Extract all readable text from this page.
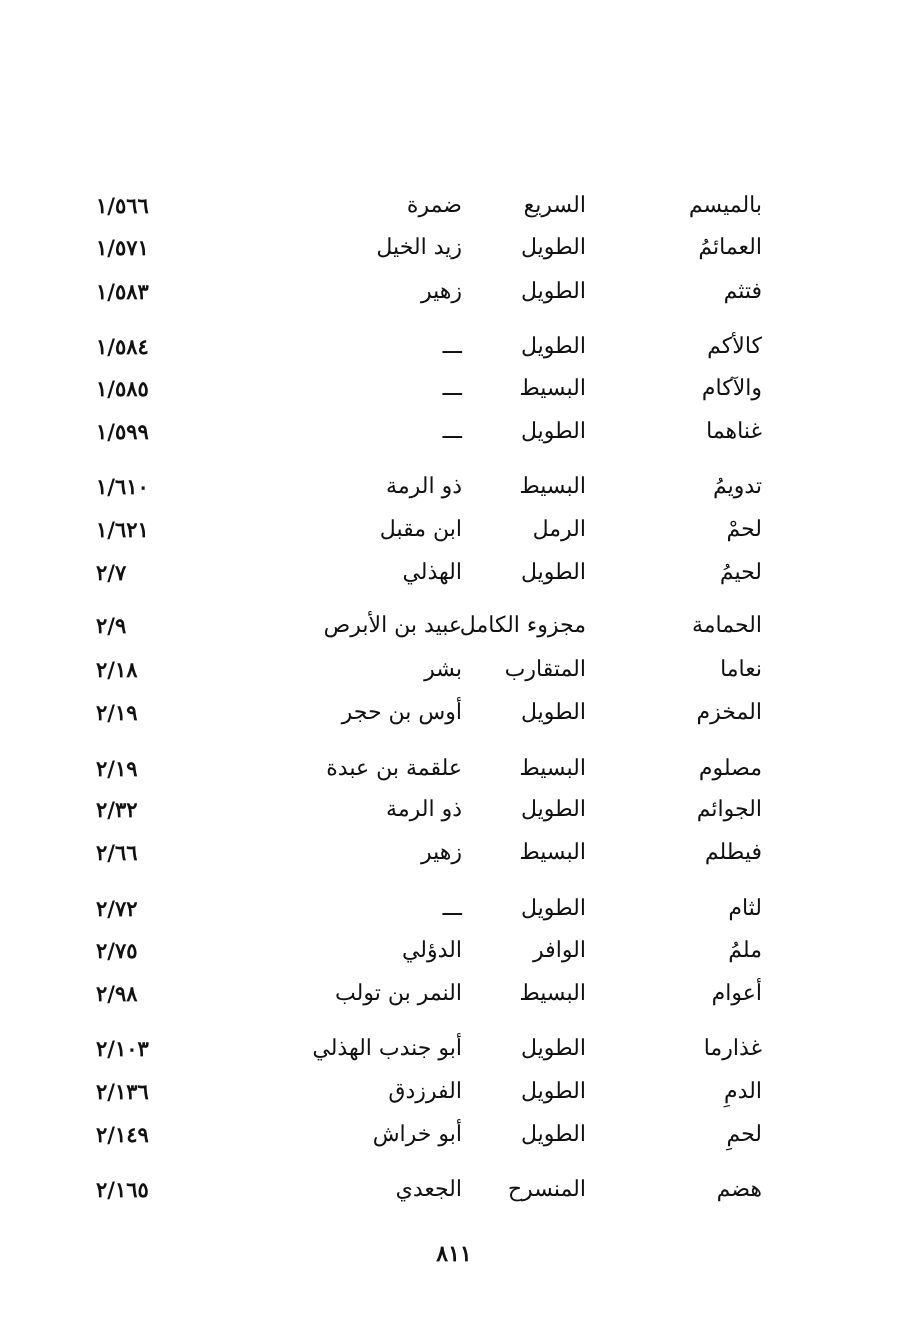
بالميسم
السريع
ضمرة
١/٥٦٦
العمائمُ
الطويل
زيد الخيل
١/٥٧١
فتثم
الطويل
زهير
١/٥٨٣
كالأكم
الطويل
ـــ
١/٥٨٤
والآكام
البسيط
ـــ
١/٥٨٥
غناهما
الطويل
ـــ
١/٥٩٩
تدويمُ
البسيط
ذو الرمة
١/٦١٠
لحمْ
الرمل
ابن مقبل
١/٦٢١
لحيمُ
الطويل
الهذلي
٢/٧
الحمامة
مجزوء الكامل
عبيد بن الأبرص
٢/٩
نعاما
المتقارب
بشر
٢/١٨
المخزم
الطويل
أوس بن حجر
٢/١٩
مصلوم
البسيط
علقمة بن عبدة
٢/١٩
الجوائم
الطويل
ذو الرمة
٢/٣٢
فيطلم
البسيط
زهير
٢/٦٦
لثام
الطويل
ـــ
٢/٧٢
ملمُ
الوافر
الدؤلي
٢/٧٥
أعوام
البسيط
النمر بن تولب
٢/٩٨
غذارما
الطويل
أبو جندب الهذلي
٢/١٠٣
الدمِ
الطويل
الفرزدق
٢/١٣٦
لحمِ
الطويل
أبو خراش
٢/١٤٩
هضم
المنسرح
الجعدي
٢/١٦٥
٨١١
